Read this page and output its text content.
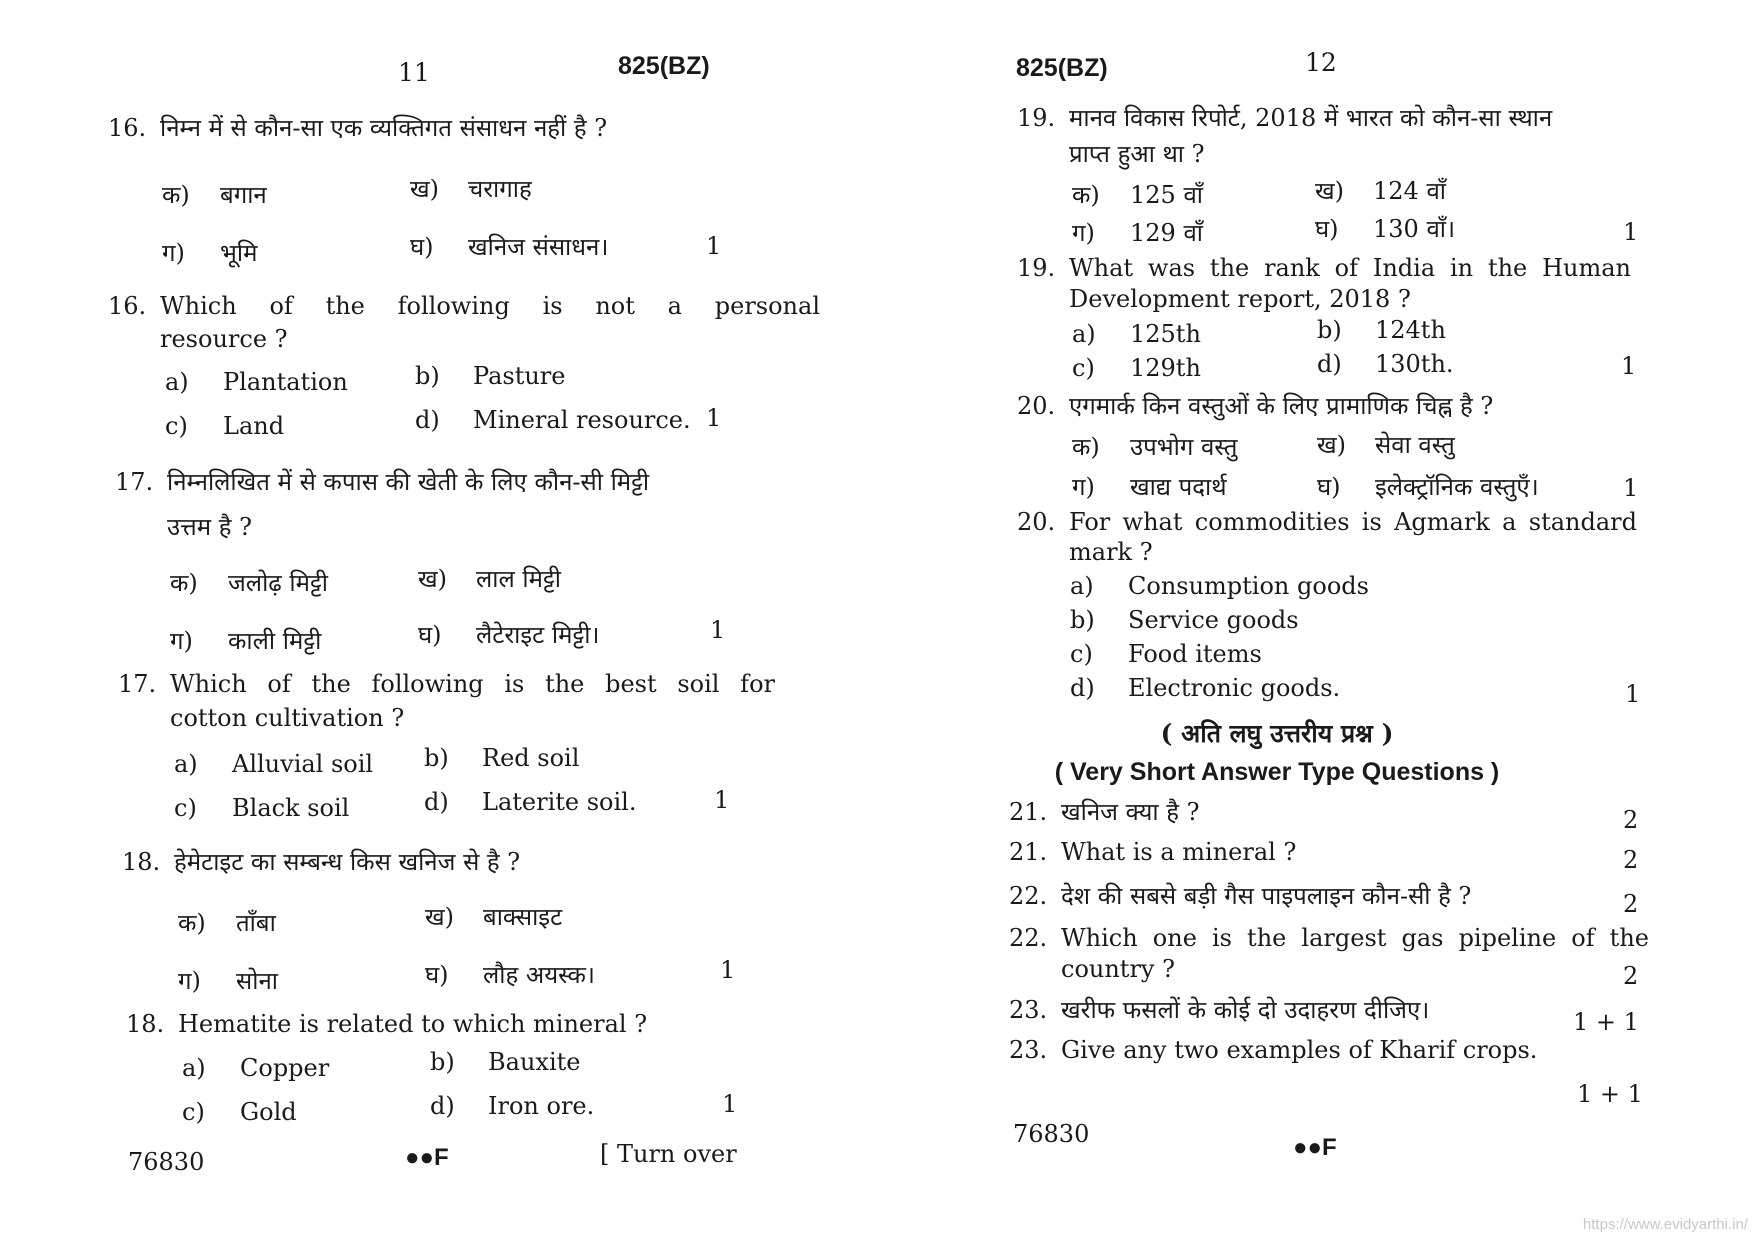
11	825(BZ)
16. निम्न में से कौन-सा एक व्यक्तिगत संसाधन नहीं है ?
क) बगान	ख) चरागाह
ग) भूमि	घ) खनिज संसाधन।	1
16. Which of the following is not a personal
resource ?
a) Plantation	b) Pasture
c) Land	d) Mineral resource. 1
17. निम्नलिखित में से कपास की खेती के लिए कौन-सी मिट्टी
उत्तम है ?
क) जलोढ़ मिट्टी	ख) लाल मिट्टी
ग) काली मिट्टी	घ) लैटेराइट मिट्टी।	1
17. Which of the following is the best soil for
cotton cultivation ?
a) Alluvial soil b) Red soil
c) Black soil	d) Laterite soil.	1
18. हेमेटाइट का सम्बन्ध किस खनिज से है ?
क) ताँबा	ख) बाक्साइट
ग) सोना	घ) लौह अयस्क।	1
18. Hematite is related to which mineral ?
a) Copper	b) Bauxite
c) Gold	d) Iron ore.	1
76830	●●F	[ Turn over
825(BZ)	12
19. मानव विकास रिपोर्ट, 2018 में भारत को कौन-सा स्थान
प्राप्त हुआ था ?
क) 125 वाँ	ख) 124 वाँ
ग) 129 वाँ	घ) 130 वाँ।	1
19. What was the rank of India in the Human
Development report, 2018 ?
a) 125th	b) 124th
c) 129th	d) 130th.	1
20. एगमार्क किन वस्तुओं के लिए प्रामाणिक चिह्न है ?
क) उपभोग वस्तु	ख) सेवा वस्तु
ग) खाद्य पदार्थ	घ) इलेक्ट्रॉनिक वस्तुएँ।	1
20. For what commodities is Agmark a standard
mark ?
a) Consumption goods
b) Service goods
c) Food items
d) Electronic goods.	1
( अति लघु उत्तरीय प्रश्न )
( Very Short Answer Type Questions )
21. खनिज क्या है ?	2
21. What is a mineral ?	2
22. देश की सबसे बड़ी गैस पाइपलाइन कौन-सी है ?	2
22. Which one is the largest gas pipeline of the
country ?	2
23. खरीफ फसलों के कोई दो उदाहरण दीजिए।	1 + 1
23. Give any two examples of Kharif crops.
1 + 1
76830	●●F
https://www.evidyarthi.in/
